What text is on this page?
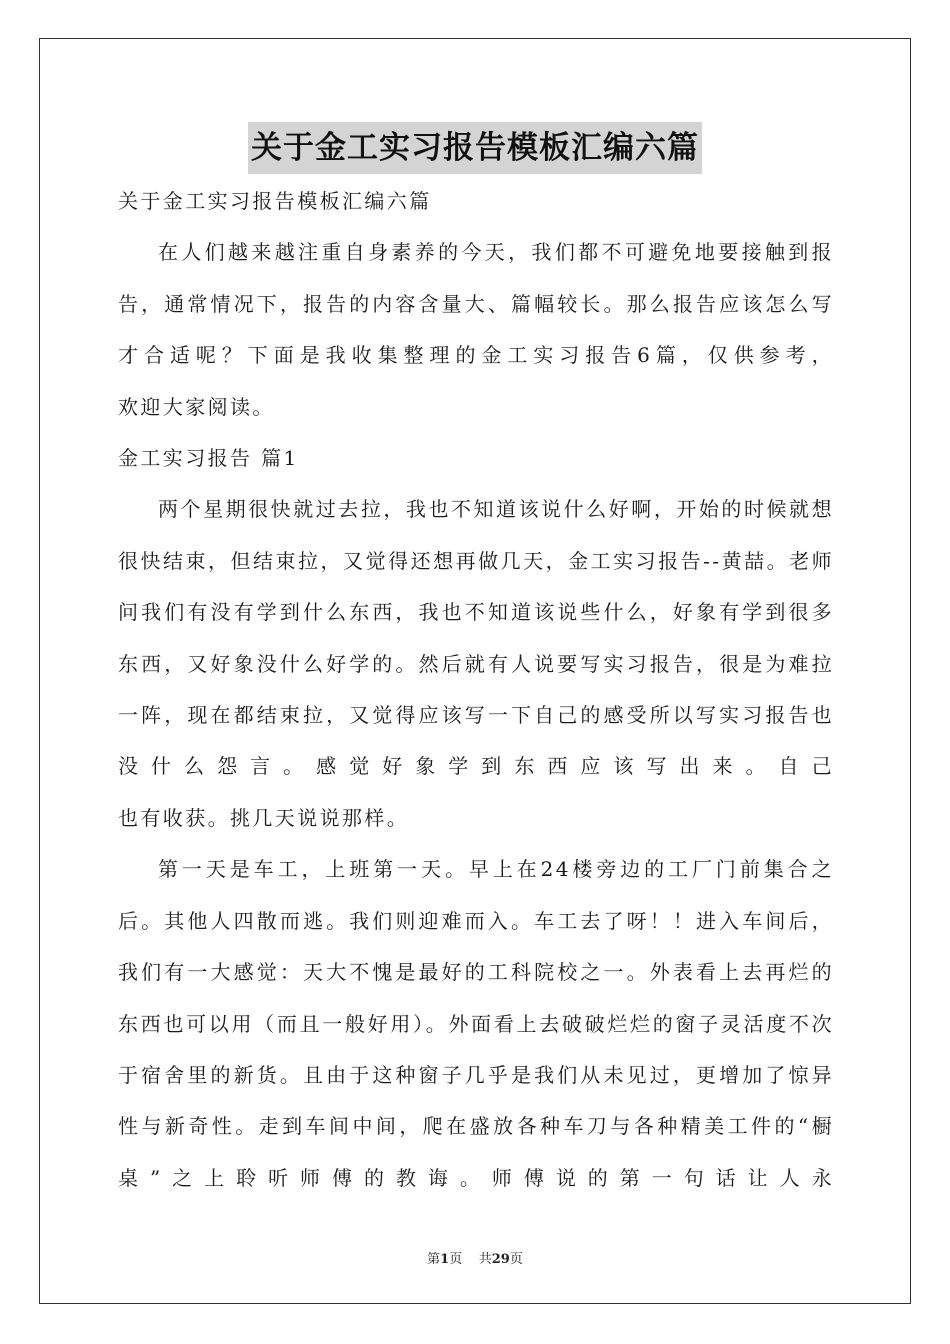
关于金工实习报告模板汇编六篇

关于金工实习报告模板汇编六篇

在人们越来越注重自身素养的今天，我们都不可避免地要接触到报告，通常情况下，报告的内容含量大、篇幅较长。那么报告应该怎么写才合适呢？下面是我收集整理的金工实习报告6篇，仅供参考，

欢迎大家阅读。

金工实习报告 篇1

两个星期很快就过去拉，我也不知道该说什么好啊，开始的时候就想很快结束，但结束拉，又觉得还想再做几天，金工实习报告--黄喆。老师问我们有没有学到什么东西，我也不知道该说些什么，好象有学到很多东西，又好象没什么好学的。然后就有人说要写实习报告，很是为难拉一阵，现在都结束拉，又觉得应该写一下自己的感受所以写实习报告也没什么怨言。感觉好象学到东西应该写出来。自己

也有收获。挑几天说说那样。

第一天是车工，上班第一天。早上在24楼旁边的工厂门前集合之后。其他人四散而逃。我们则迎难而入。车工去了呀！！进入车间后，我们有一大感觉：天大不愧是最好的工科院校之一。外表看上去再烂的东西也可以用（而且一般好用）。外面看上去破破烂烂的窗子灵活度不次于宿舍里的新货。且由于这种窗子几乎是我们从未见过，更增加了惊异性与新奇性。走到车间中间，爬在盛放各种车刀与各种精美工件的“橱桌”之上聆听师傅的教诲。师傅说的第一句话让人永

第1页 共29页
